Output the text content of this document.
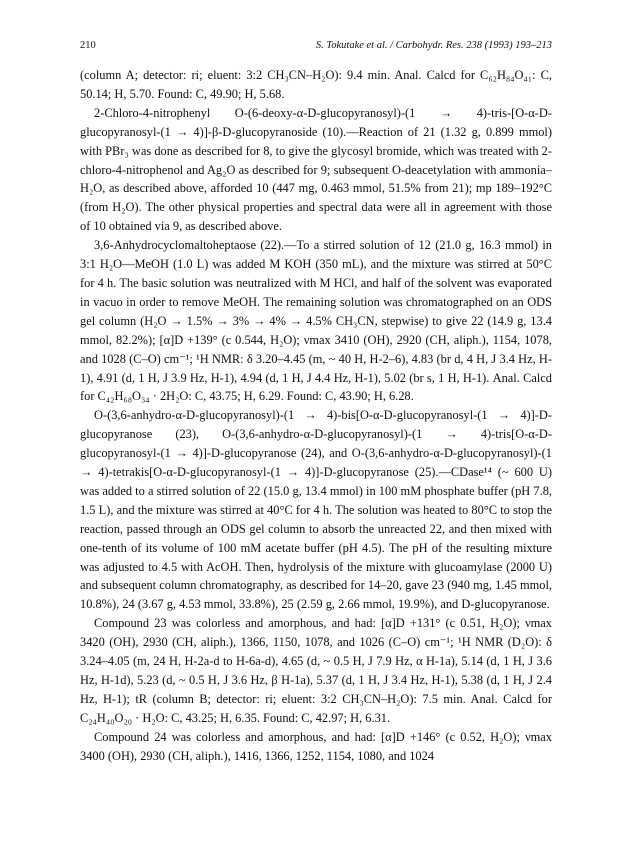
210	S. Tokutake et al. / Carbohydr. Res. 238 (1993) 193–213

(column A; detector: ri; eluent: 3:2 CH₃CN–H₂O): 9.4 min. Anal. Calcd for C₆₂H₈₄O₄₁: C, 50.14; H, 5.70. Found: C, 49.90; H, 5.68.

2-Chloro-4-nitrophenyl O-(6-deoxy-α-D-glucopyranosyl)-(1 → 4)-tris-[O-α-D-glucopyranosyl-(1 → 4)]-β-D-glucopyranoside (10).—Reaction of 21 (1.32 g, 0.899 mmol) with PBr₃ was done as described for 8, to give the glycosyl bromide, which was treated with 2-chloro-4-nitrophenol and Ag₂O as described for 9; subsequent O-deacetylation with ammonia–H₂O, as described above, afforded 10 (447 mg, 0.463 mmol, 51.5% from 21); mp 189–192°C (from H₂O). The other physical properties and spectral data were all in agreement with those of 10 obtained via 9, as described above.

3,6-Anhydrocyclomaltoheptaose (22).—To a stirred solution of 12 (21.0 g, 16.3 mmol) in 3:1 H₂O—MeOH (1.0 L) was added M KOH (350 mL), and the mixture was stirred at 50°C for 4 h. The basic solution was neutralized with M HCl, and half of the solvent was evaporated in vacuo in order to remove MeOH. The remaining solution was chromatographed on an ODS gel column (H₂O → 1.5% → 3% → 4% → 4.5% CH₃CN, stepwise) to give 22 (14.9 g, 13.4 mmol, 82.2%); [α]D +139° (c 0.544, H₂O); νmax 3410 (OH), 2920 (CH, aliph.), 1154, 1078, and 1028 (C–O) cm⁻¹; ¹H NMR: δ 3.20–4.45 (m, ~ 40 H, H-2–6), 4.83 (br d, 4 H, J 3.4 Hz, H-1), 4.91 (d, 1 H, J 3.9 Hz, H-1), 4.94 (d, 1 H, J 4.4 Hz, H-1), 5.02 (br s, 1 H, H-1). Anal. Calcd for C₄₂H₆₈O₃₄ · 2H₂O: C, 43.75; H, 6.29. Found: C, 43.90; H, 6.28.

O-(3,6-anhydro-α-D-glucopyranosyl)-(1 → 4)-bis[O-α-D-glucopyranosyl-(1 → 4)]-D-glucopyranose (23), O-(3,6-anhydro-α-D-glucopyranosyl)-(1 → 4)-tris[O-α-D-glucopyranosyl-(1 → 4)]-D-glucopyranose (24), and O-(3,6-anhydro-α-D-glucopyranosyl)-(1 → 4)-tetrakis[O-α-D-glucopyranosyl-(1 → 4)]-D-glucopyranose (25).—CDase¹⁴ (~ 600 U) was added to a stirred solution of 22 (15.0 g, 13.4 mmol) in 100 mM phosphate buffer (pH 7.8, 1.5 L), and the mixture was stirred at 40°C for 4 h. The solution was heated to 80°C to stop the reaction, passed through an ODS gel column to absorb the unreacted 22, and then mixed with one-tenth of its volume of 100 mM acetate buffer (pH 4.5). The pH of the resulting mixture was adjusted to 4.5 with AcOH. Then, hydrolysis of the mixture with glucoamylase (2000 U) and subsequent column chromatography, as described for 14–20, gave 23 (940 mg, 1.45 mmol, 10.8%), 24 (3.67 g, 4.53 mmol, 33.8%), 25 (2.59 g, 2.66 mmol, 19.9%), and D-glucopyranose.

Compound 23 was colorless and amorphous, and had: [α]D +131° (c 0.51, H₂O); νmax 3420 (OH), 2930 (CH, aliph.), 1366, 1150, 1078, and 1026 (C–O) cm⁻¹; ¹H NMR (D₂O): δ 3.24–4.05 (m, 24 H, H-2a-d to H-6a-d), 4.65 (d, ~ 0.5 H, J 7.9 Hz, α H-1a), 5.14 (d, 1 H, J 3.6 Hz, H-1d), 5.23 (d, ~ 0.5 H, J 3.6 Hz, β H-1a), 5.37 (d, 1 H, J 3.4 Hz, H-1), 5.38 (d, 1 H, J 2.4 Hz, H-1); tR (column B; detector: ri; eluent: 3:2 CH₃CN–H₂O): 7.5 min. Anal. Calcd for C₂₄H₄₀O₂₀ · H₂O: C, 43.25; H, 6.35. Found: C, 42.97; H, 6.31.

Compound 24 was colorless and amorphous, and had: [α]D +146° (c 0.52, H₂O); νmax 3400 (OH), 2930 (CH, aliph.), 1416, 1366, 1252, 1154, 1080, and 1024
